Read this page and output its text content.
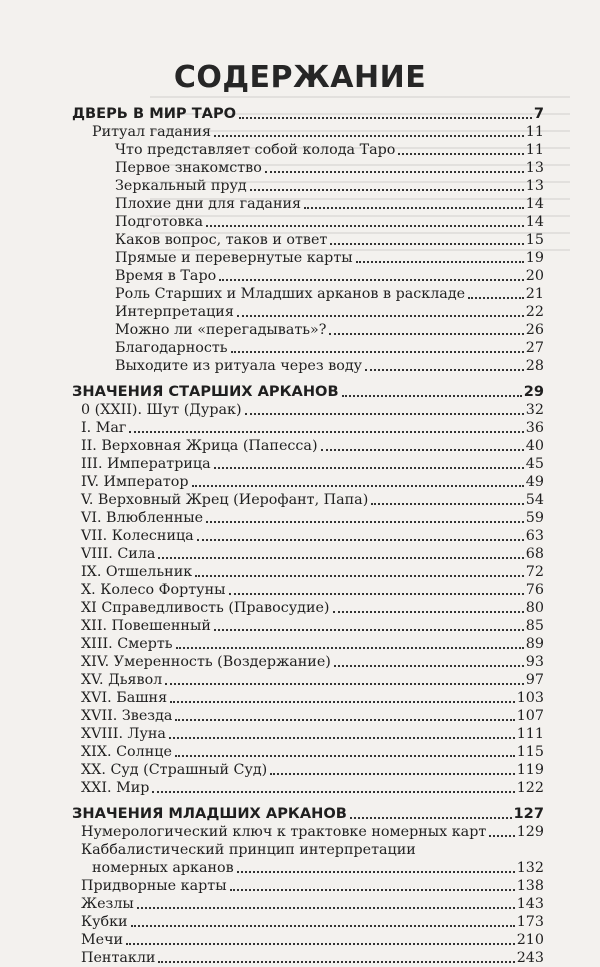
СОДЕРЖАНИЕ
ДВЕРЬ В МИР ТАРО	7
Ритуал гадания	11
Что представляет собой колода Таро	11
Первое знакомство	13
Зеркальный пруд	13
Плохие дни для гадания	14
Подготовка	14
Каков вопрос, таков и ответ	15
Прямые и перевернутые карты	19
Время в Таро	20
Роль Старших и Младших арканов в раскладе	21
Интерпретация	22
Можно ли «перегадывать»?	26
Благодарность	27
Выходите из ритуала через воду	28
ЗНАЧЕНИЯ СТАРШИХ АРКАНОВ	29
0 (XXII). Шут (Дурак)	32
I. Маг	36
II. Верховная Жрица (Папесса)	40
III. Императрица	45
IV. Император	49
V. Верховный Жрец (Иерофант, Папа)	54
VI. Влюбленные	59
VII. Колесница	63
VIII. Сила	68
IX. Отшельник	72
X. Колесо Фортуны	76
XI Справедливость (Правосудие)	80
XII. Повешенный	85
XIII. Смерть	89
XIV. Умеренность (Воздержание)	93
XV. Дьявол	97
XVI. Башня	103
XVII. Звезда	107
XVIII. Луна	111
XIX. Солнце	115
XX. Суд (Страшный Суд)	119
XXI. Мир	122
ЗНАЧЕНИЯ МЛАДШИХ АРКАНОВ	127
Нумерологический ключ к трактовке номерных карт 129
Каббалистический принцип интерпретации
номерных арканов	132
Придворные карты	138
Жезлы	143
Кубки	173
Мечи	210
Пентакли	243
